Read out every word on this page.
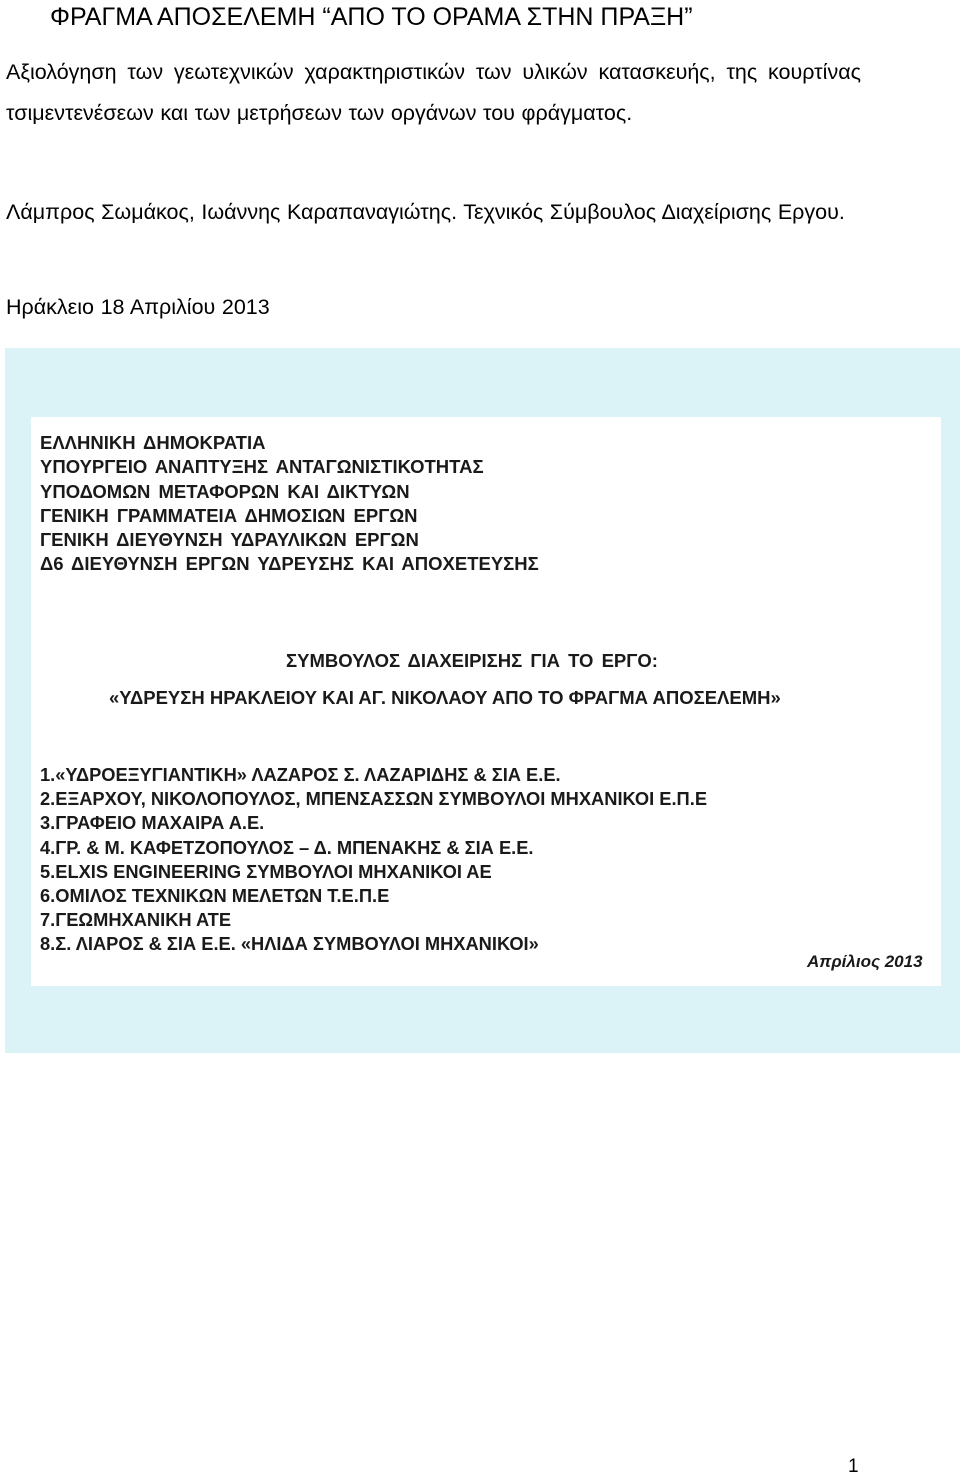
ΦΡΑΓΜΑ ΑΠΟΣΕΛΕΜΗ “ΑΠΟ ΤΟ ΟΡΑΜΑ ΣΤΗΝ ΠΡΑΞΗ”

Αξιολόγηση των γεωτεχνικών χαρακτηριστικών των υλικών κατασκευής, της κουρτίνας τσιμεντενέσεων και των μετρήσεων των οργάνων του φράγματος.

Λάμπρος Σωμάκος, Ιωάννης Καραπαναγιώτης. Τεχνικός Σύμβουλος Διαχείρισης Εργου.

Ηράκλειο 18 Απριλίου 2013

ΕΛΛΗΝΙΚΗ ΔΗΜΟΚΡΑΤΙΑ
ΥΠΟΥΡΓΕΙΟ ΑΝΑΠΤΥΞΗΣ ΑΝΤΑΓΩΝΙΣΤΙΚΟΤΗΤΑΣ
ΥΠΟΔΟΜΩΝ ΜΕΤΑΦΟΡΩΝ ΚΑΙ ΔΙΚΤΥΩΝ
ΓΕΝΙΚΗ ΓΡΑΜΜΑΤΕΙΑ ΔΗΜΟΣΙΩΝ ΕΡΓΩΝ
ΓΕΝΙΚΗ ΔΙΕΥΘΥΝΣΗ ΥΔΡΑΥΛΙΚΩΝ ΕΡΓΩΝ
Δ6 ΔΙΕΥΘΥΝΣΗ ΕΡΓΩΝ ΥΔΡΕΥΣΗΣ ΚΑΙ ΑΠΟΧΕΤΕΥΣΗΣ
ΣΥΜΒΟΥΛΟΣ ΔΙΑΧΕΙΡΙΣΗΣ ΓΙΑ ΤΟ ΕΡΓΟ:
«ΥΔΡΕΥΣΗ ΗΡΑΚΛΕΙΟΥ ΚΑΙ ΑΓ. ΝΙΚΟΛΑΟΥ ΑΠΟ ΤΟ ΦΡΑΓΜΑ ΑΠΟΣΕΛΕΜΗ»
1.«ΥΔΡΟΕΞΥΓΙΑΝΤΙΚΗ» ΛΑΖΑΡΟΣ Σ. ΛΑΖΑΡΙΔΗΣ & ΣΙΑ Ε.Ε.
2.ΕΞΑΡΧΟΥ, ΝΙΚΟΛΟΠΟΥΛΟΣ, ΜΠΕΝΣΑΣΣΩΝ ΣΥΜΒΟΥΛΟΙ ΜΗΧΑΝΙΚΟΙ Ε.Π.Ε
3.ΓΡΑΦΕΙΟ ΜΑΧΑΙΡΑ Α.Ε.
4.ΓΡ. & Μ. ΚΑΦΕΤΖΟΠΟΥΛΟΣ – Δ. ΜΠΕΝΑΚΗΣ & ΣΙΑ Ε.Ε.
5.ELXIS ENGINEERING ΣΥΜΒΟΥΛΟΙ ΜΗΧΑΝΙΚΟΙ ΑΕ
6.ΟΜΙΛΟΣ ΤΕΧΝΙΚΩΝ ΜΕΛΕΤΩΝ Τ.Ε.Π.Ε
7.ΓΕΩΜΗΧΑΝΙΚΗ ΑΤΕ
8.Σ. ΛΙΑΡΟΣ & ΣΙΑ Ε.Ε. «ΗΛΙΔΑ ΣΥΜΒΟΥΛΟΙ ΜΗΧΑΝΙΚΟΙ»
Απρίλιος 2013
1
